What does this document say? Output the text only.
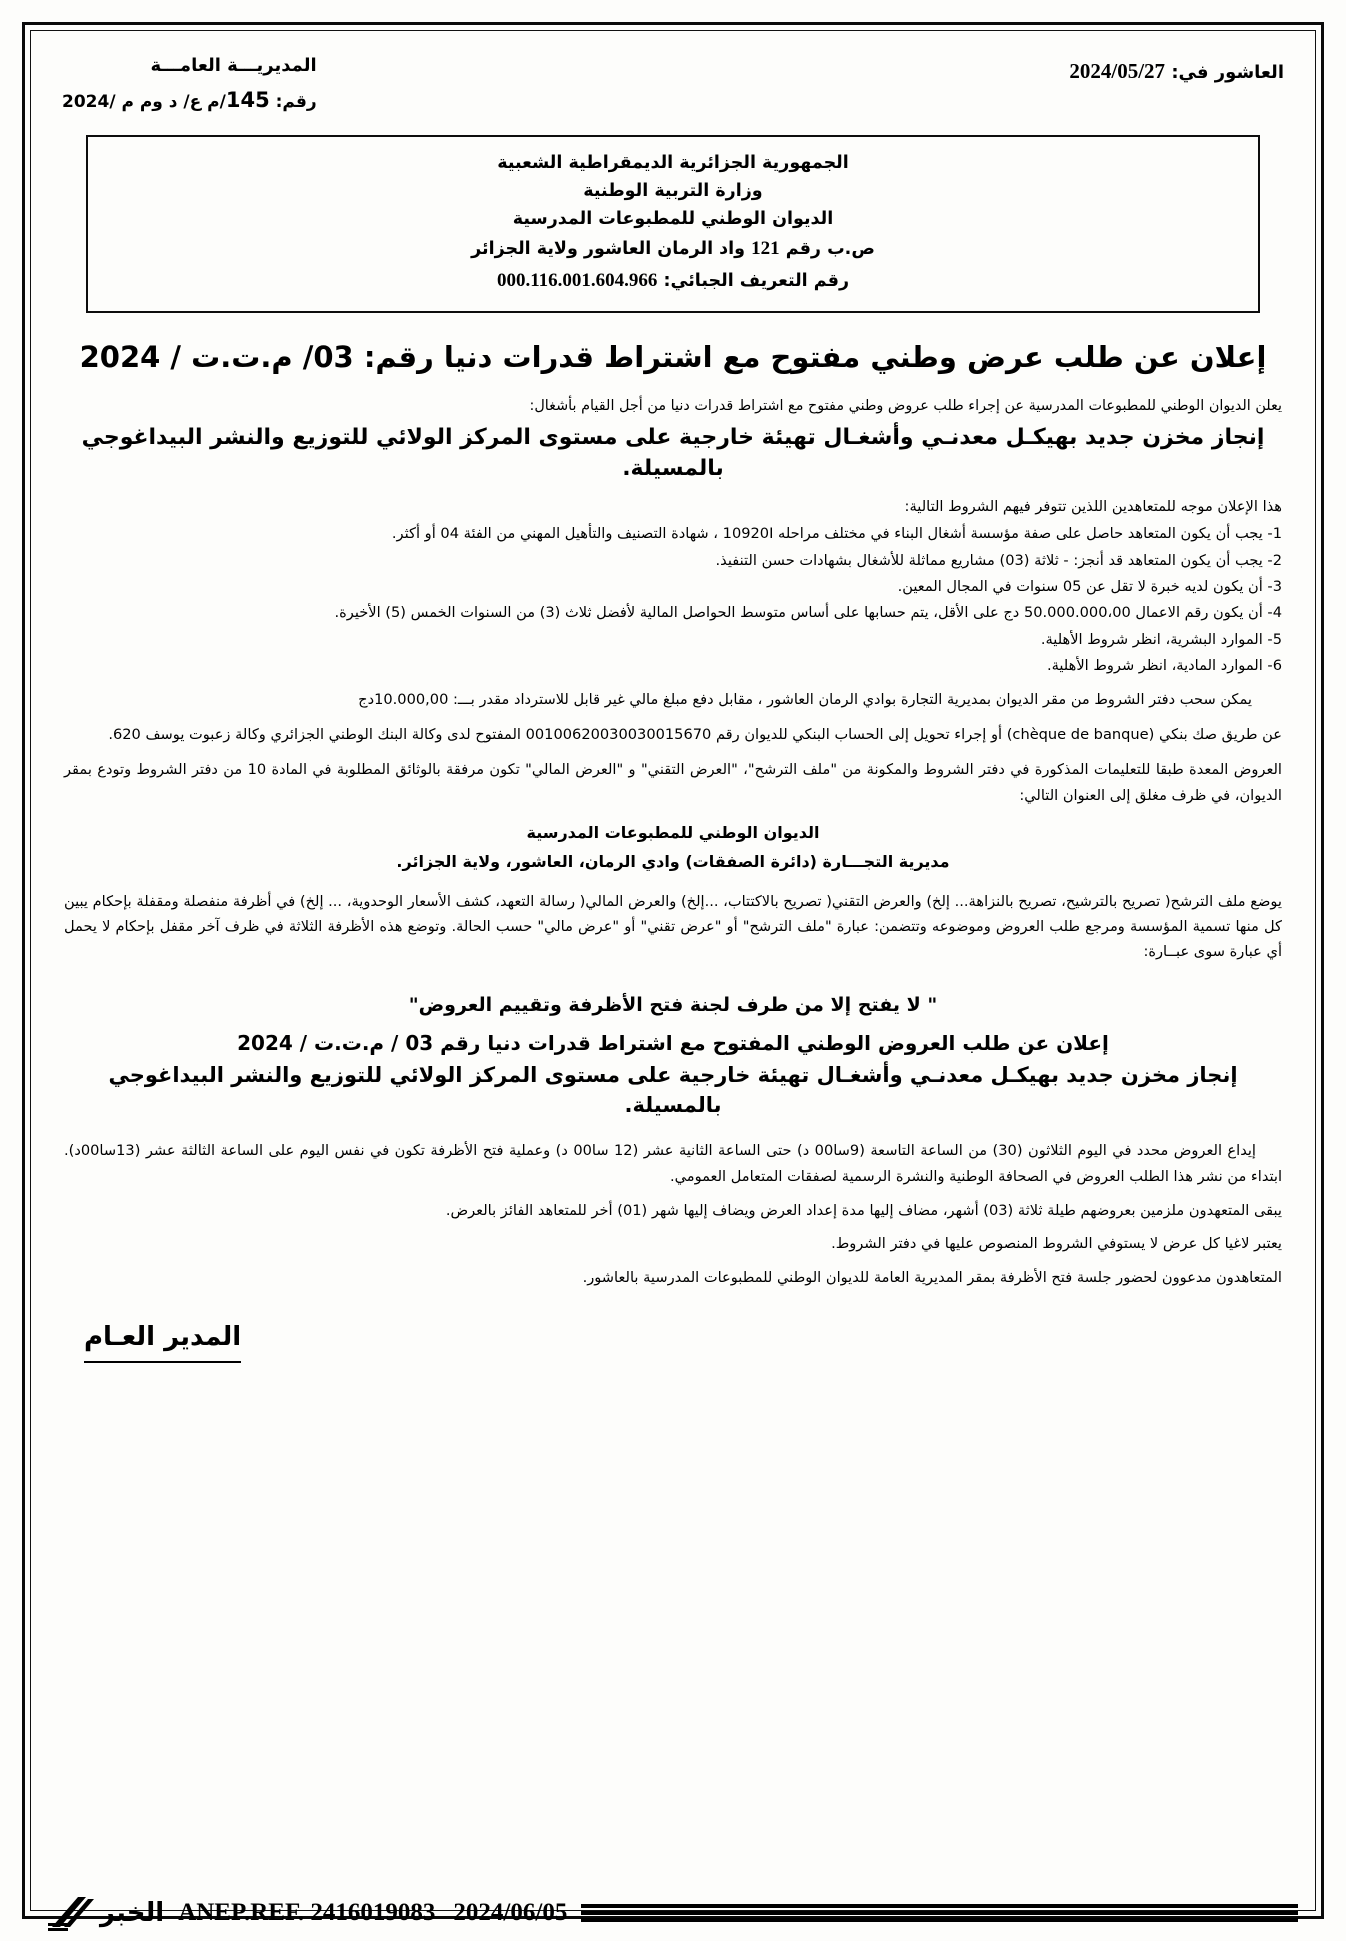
المديريـــة العامـــة
رقم: 145/م ع/ د وم م /2024
العاشور في: 2024/05/27
الجمهورية الجزائرية الديمقراطية الشعبية
وزارة التربية الوطنية
الديوان الوطني للمطبوعات المدرسية
ص.ب رقم 121 واد الرمان العاشور ولاية الجزائر
رقم التعريف الجبائي: 000.116.001.604.966
إعلان عن طلب عرض وطني مفتوح مع اشتراط قدرات دنيا رقم: 03/ م.ت.ت / 2024
يعلن الديوان الوطني للمطبوعات المدرسية عن إجراء طلب عروض وطني مفتوح مع اشتراط قدرات دنيا من أجل القيام بأشغال:
إنجاز مخزن جديد بهيكـل معدنـي وأشغـال تهيئة خارجية على مستوى المركز الولائي للتوزيع والنشر البيداغوجي
بالمسيلة.
هذا الإعلان موجه للمتعاهدين اللذين تتوفر فيهم الشروط التالية:
1- يجب أن يكون المتعاهد حاصل على صفة مؤسسة أشغال البناء في مختلف مراحله 10920I ، شهادة التصنيف والتأهيل المهني من الفئة 04 أو أكثر.
2- يجب أن يكون المتعاهد قد أنجز: - ثلاثة (03) مشاريع مماثلة للأشغال بشهادات حسن التنفيذ.
3- أن يكون لديه خبرة لا تقل عن 05 سنوات في المجال المعين.
4- أن يكون رقم الاعمال 50.000.000،00 دج على الأقل، يتم حسابها على أساس متوسط الحواصل المالية لأفضل ثلاث (3) من السنوات الخمس (5) الأخيرة.
5- الموارد البشرية، انظر شروط الأهلية.
6- الموارد المادية، انظر شروط الأهلية.
يمكن سحب دفتر الشروط من مقر الديوان بمديرية التجارة بوادي الرمان العاشور ، مقابل دفع مبلغ مالي غير قابل للاسترداد مقدر بـــ: 10.000,00دج
عن طريق صك بنكي (chèque de banque) أو إجراء تحويل إلى الحساب البنكي للديوان رقم 00100620030030015670 المفتوح لدى وكالة البنك الوطني الجزائري وكالة زعبوت يوسف 620.
العروض المعدة طبقا للتعليمات المذكورة في دفتر الشروط والمكونة من "ملف الترشح"، "العرض التقني" و "العرض المالي" تكون مرفقة بالوثائق المطلوبة في المادة 10 من دفتر الشروط وتودع بمقر الديوان، في ظرف مغلق إلى العنوان التالي:
الديوان الوطني للمطبوعات المدرسية
مديرية التجـــارة (دائرة الصفقات) وادي الرمان، العاشور، ولاية الجزائر.
يوضع ملف الترشح( تصريح بالترشيح، تصريح بالنزاهة... إلخ) والعرض التقني( تصريح بالاكتتاب، ...إلخ) والعرض المالي( رسالة التعهد، كشف الأسعار الوحدوية، ... إلخ) في أظرفة منفصلة ومقفلة بإحكام يبين كل منها تسمية المؤسسة ومرجع طلب العروض وموضوعه وتتضمن: عبارة "ملف الترشح" أو "عرض تقني" أو "عرض مالي" حسب الحالة. وتوضع هذه الأظرفة الثلاثة في ظرف آخر مقفل بإحكام لا يحمل أي عبارة سوى عبــارة:
" لا يفتح إلا من طرف لجنة فتح الأظرفة وتقييم العروض"
إعلان عن طلب العروض الوطني المفتوح مع اشتراط قدرات دنيا رقم 03 / م.ت.ت / 2024
إنجاز مخزن جديد بهيكـل معدنـي وأشغـال تهيئة خارجية على مستوى المركز الولائي للتوزيع والنشر البيداغوجي بالمسيلة.
إيداع العروض محدد في اليوم الثلاثون (30) من الساعة التاسعة (9سا00 د) حتى الساعة الثانية عشر (12 سا00 د) وعملية فتح الأظرفة تكون في نفس اليوم على الساعة الثالثة عشر (13سا00د). ابتداء من نشر هذا الطلب العروض في الصحافة الوطنية والنشرة الرسمية لصفقات المتعامل العمومي.
يبقى المتعهدون ملزمين بعروضهم طيلة ثلاثة (03) أشهر، مضاف إليها مدة إعداد العرض ويضاف إليها شهر (01) أخر للمتعاهد الفائز بالعرض.
يعتبر لاغيا كل عرض لا يستوفي الشروط المنصوص عليها في دفتر الشروط.
المتعاهدون مدعوون لحضور جلسة فتح الأظرفة بمقر المديرية العامة للديوان الوطني للمطبوعات المدرسية بالعاشور.
المدير العـام
الخبر ANEP.REF. 2416019083 2024/06/05
